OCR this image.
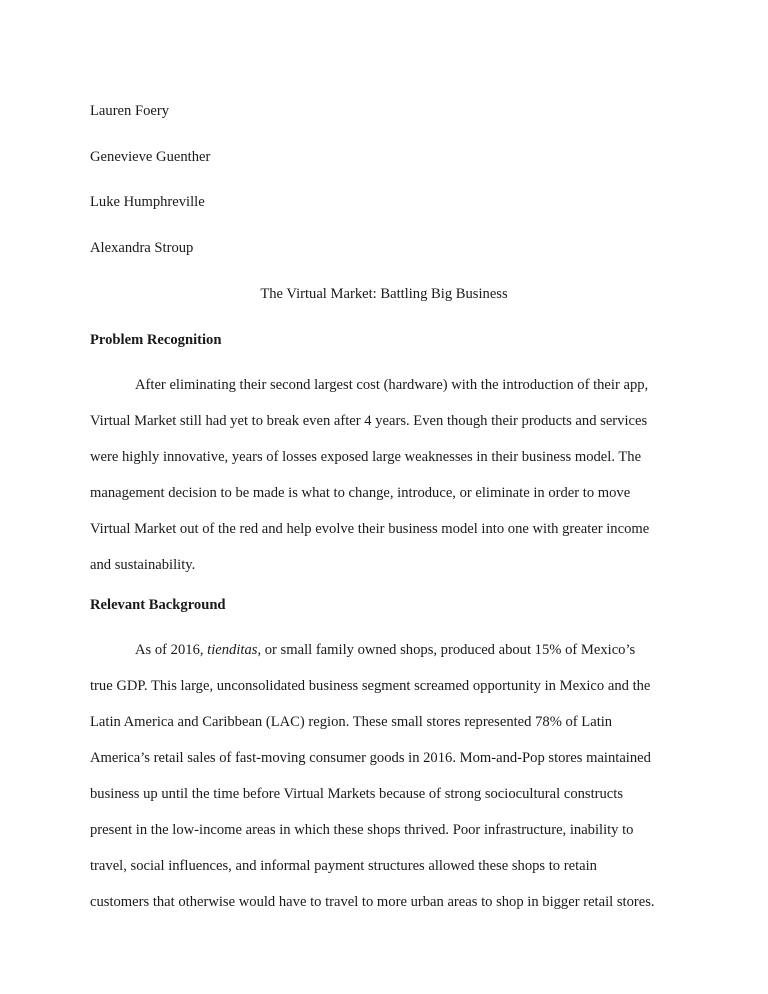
Lauren Foery
Genevieve Guenther
Luke Humphreville
Alexandra Stroup
The Virtual Market: Battling Big Business
Problem Recognition
After eliminating their second largest cost (hardware) with the introduction of their app,
Virtual Market still had yet to break even after 4 years. Even though their products and services
were highly innovative, years of losses exposed large weaknesses in their business model. The
management decision to be made is what to change, introduce, or eliminate in order to move
Virtual Market out of the red and help evolve their business model into one with greater income
and sustainability.
Relevant Background
As of 2016, tienditas, or small family owned shops, produced about 15% of Mexico’s
true GDP. This large, unconsolidated business segment screamed opportunity in Mexico and the
Latin America and Caribbean (LAC) region. These small stores represented 78% of Latin
America’s retail sales of fast-moving consumer goods in 2016. Mom-and-Pop stores maintained
business up until the time before Virtual Markets because of strong sociocultural constructs
present in the low-income areas in which these shops thrived. Poor infrastructure, inability to
travel, social influences, and informal payment structures allowed these shops to retain
customers that otherwise would have to travel to more urban areas to shop in bigger retail stores.
